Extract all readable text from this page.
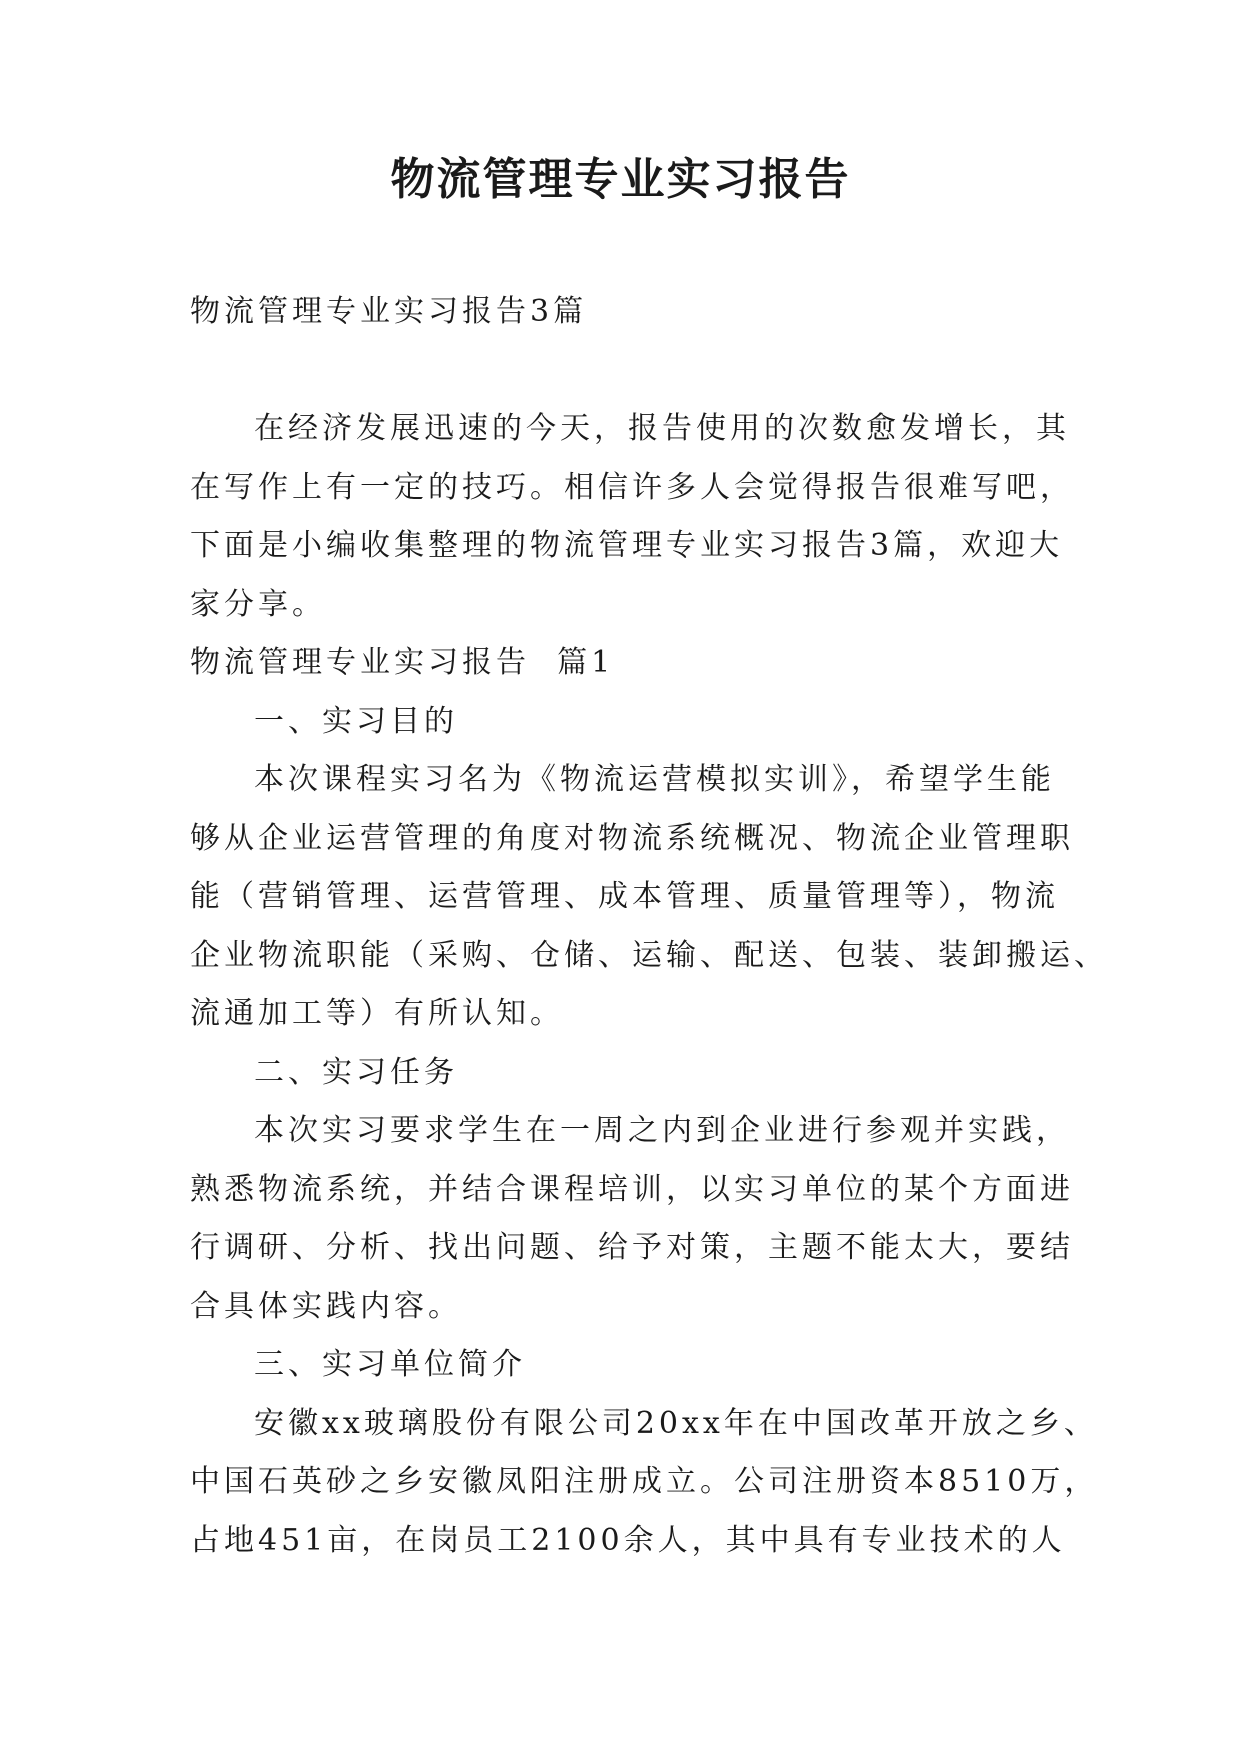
物流管理专业实习报告
物流管理专业实习报告3篇
在经济发展迅速的今天，报告使用的次数愈发增长，其
在写作上有一定的技巧。相信许多人会觉得报告很难写吧，
下面是小编收集整理的物流管理专业实习报告3篇，欢迎大
家分享。
物流管理专业实习报告  篇1
一、实习目的
本次课程实习名为《物流运营模拟实训》，希望学生能
够从企业运营管理的角度对物流系统概况、物流企业管理职
能（营销管理、运营管理、成本管理、质量管理等），物流
企业物流职能（采购、仓储、运输、配送、包装、装卸搬运、
流通加工等）有所认知。
二、实习任务
本次实习要求学生在一周之内到企业进行参观并实践，
熟悉物流系统，并结合课程培训，以实习单位的某个方面进
行调研、分析、找出问题、给予对策，主题不能太大，要结
合具体实践内容。
三、实习单位简介
安徽xx玻璃股份有限公司20xx年在中国改革开放之乡、
中国石英砂之乡安徽凤阳注册成立。公司注册资本8510万，
占地451亩，在岗员工2100余人，其中具有专业技术的人
